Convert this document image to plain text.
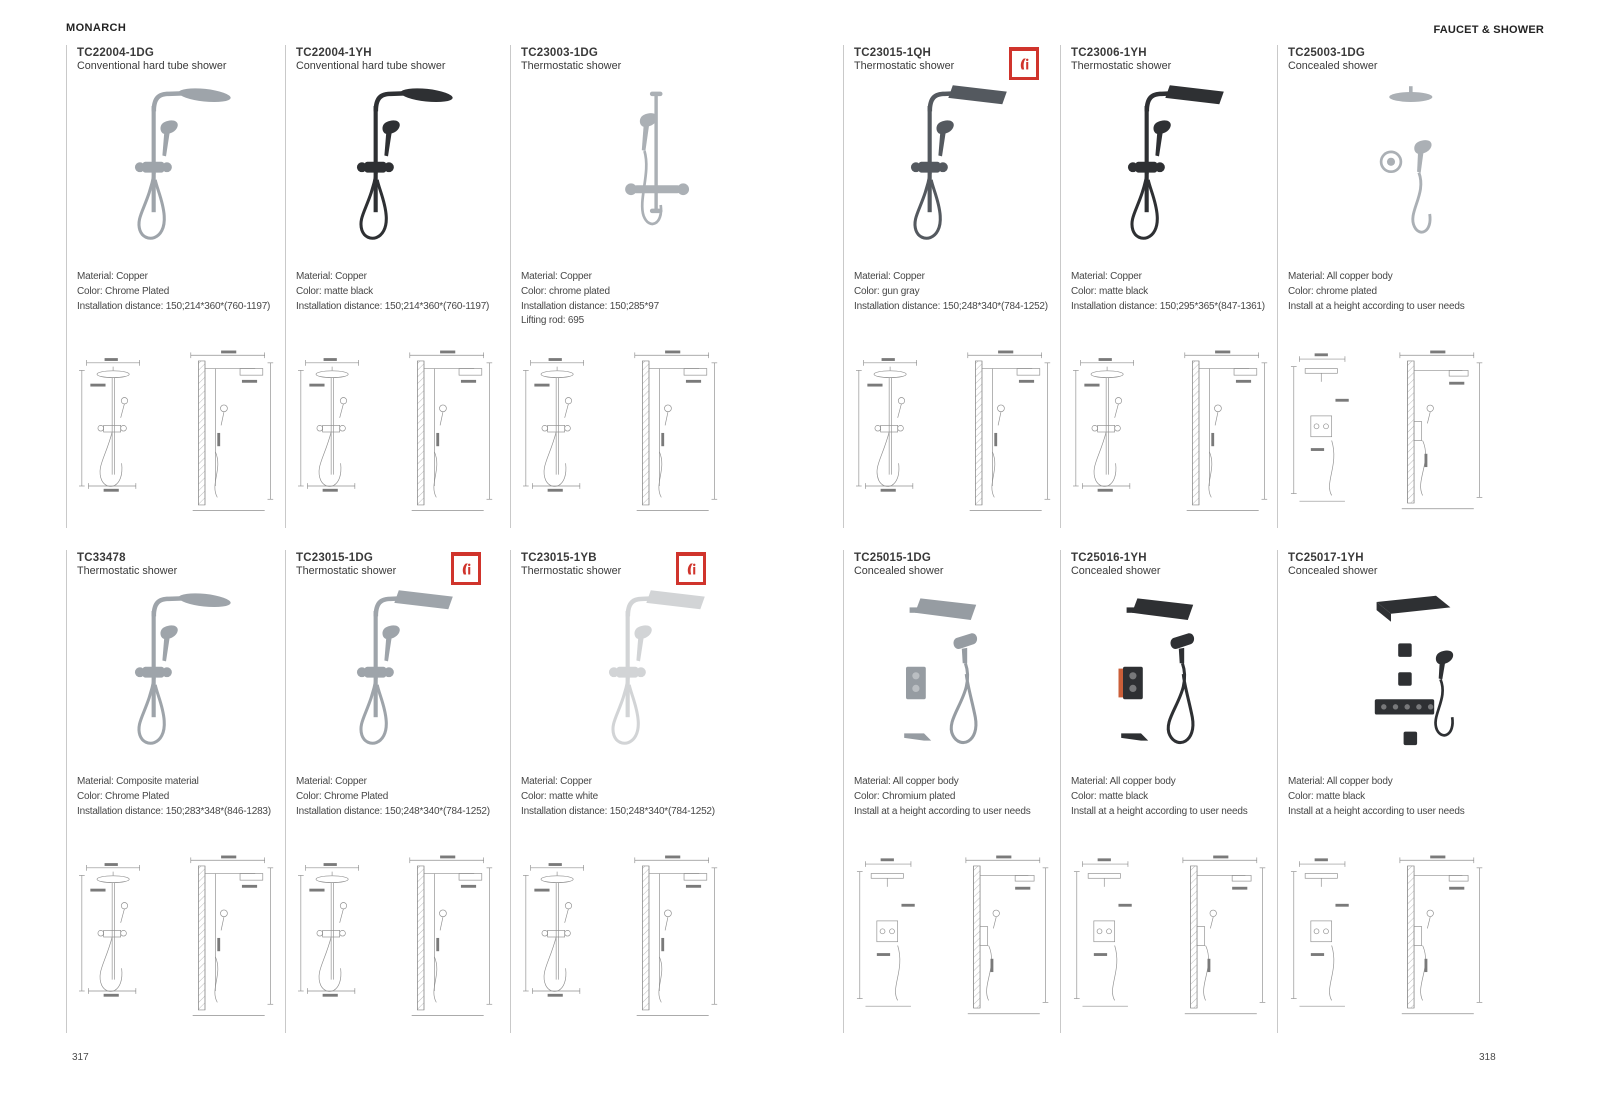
MONARCH	FAUCET & SHOWER
TC22004-1DG
Conventional hard tube shower
Material: Copper
Color: Chrome Plated
Installation distance: 150;214*360*(760-1197)
TC22004-1YH
Conventional hard tube shower
Material: Copper
Color: matte black
Installation distance: 150;214*360*(760-1197)
TC23003-1DG
Thermostatic shower
Material: Copper
Color: chrome plated
Installation distance: 150;285*97
Lifting rod: 695
TC33478
Thermostatic shower
Material: Composite material
Color: Chrome Plated
Installation distance: 150;283*348*(846-1283)
TC23015-1DG
Thermostatic shower
Material: Copper
Color: Chrome Plated
Installation distance: 150;248*340*(784-1252)
TC23015-1YB
Thermostatic shower
Material: Copper
Color: matte white
Installation distance: 150;248*340*(784-1252)
TC23015-1QH
Thermostatic shower
Material: Copper
Color: gun gray
Installation distance: 150;248*340*(784-1252)
TC23006-1YH
Thermostatic shower
Material: Copper
Color: matte black
Installation distance: 150;295*365*(847-1361)
TC25003-1DG
Concealed shower
Material: All copper body
Color: chrome plated
Install at a height according to user needs
TC25015-1DG
Concealed shower
Material: All copper body
Color: Chromium plated
Install at a height according to user needs
TC25016-1YH
Concealed shower
Material: All copper body
Color: matte black
Install at a height according to user needs
TC25017-1YH
Concealed shower
Material: All copper body
Color: matte black
Install at a height according to user needs
317	318
